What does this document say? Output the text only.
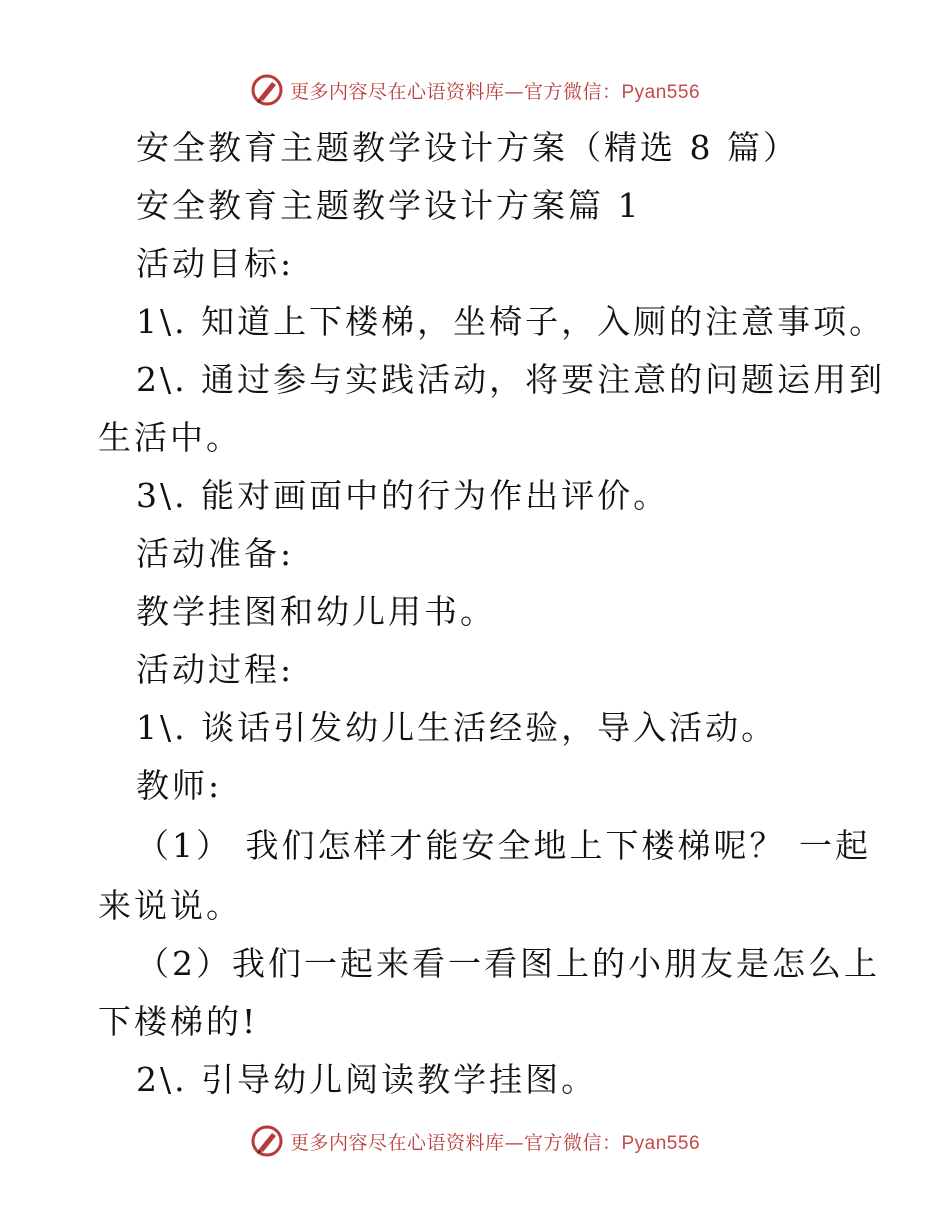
更多内容尽在心语资料库—官方微信：Pyan556
安全教育主题教学设计方案（精选 8 篇）
安全教育主题教学设计方案篇 1
活动目标:
1\. 知道上下楼梯，坐椅子，入厕的注意事项。
2\. 通过参与实践活动，将要注意的问题运用到
生活中。
3\. 能对画面中的行为作出评价。
活动准备:
教学挂图和幼儿用书。
活动过程:
1\. 谈话引发幼儿生活经验，导入活动。
教师:
（1） 我们怎样才能安全地上下楼梯呢？ 一起
来说说。
（2）我们一起来看一看图上的小朋友是怎么上
下楼梯的!
2\. 引导幼儿阅读教学挂图。
更多内容尽在心语资料库—官方微信：Pyan556
